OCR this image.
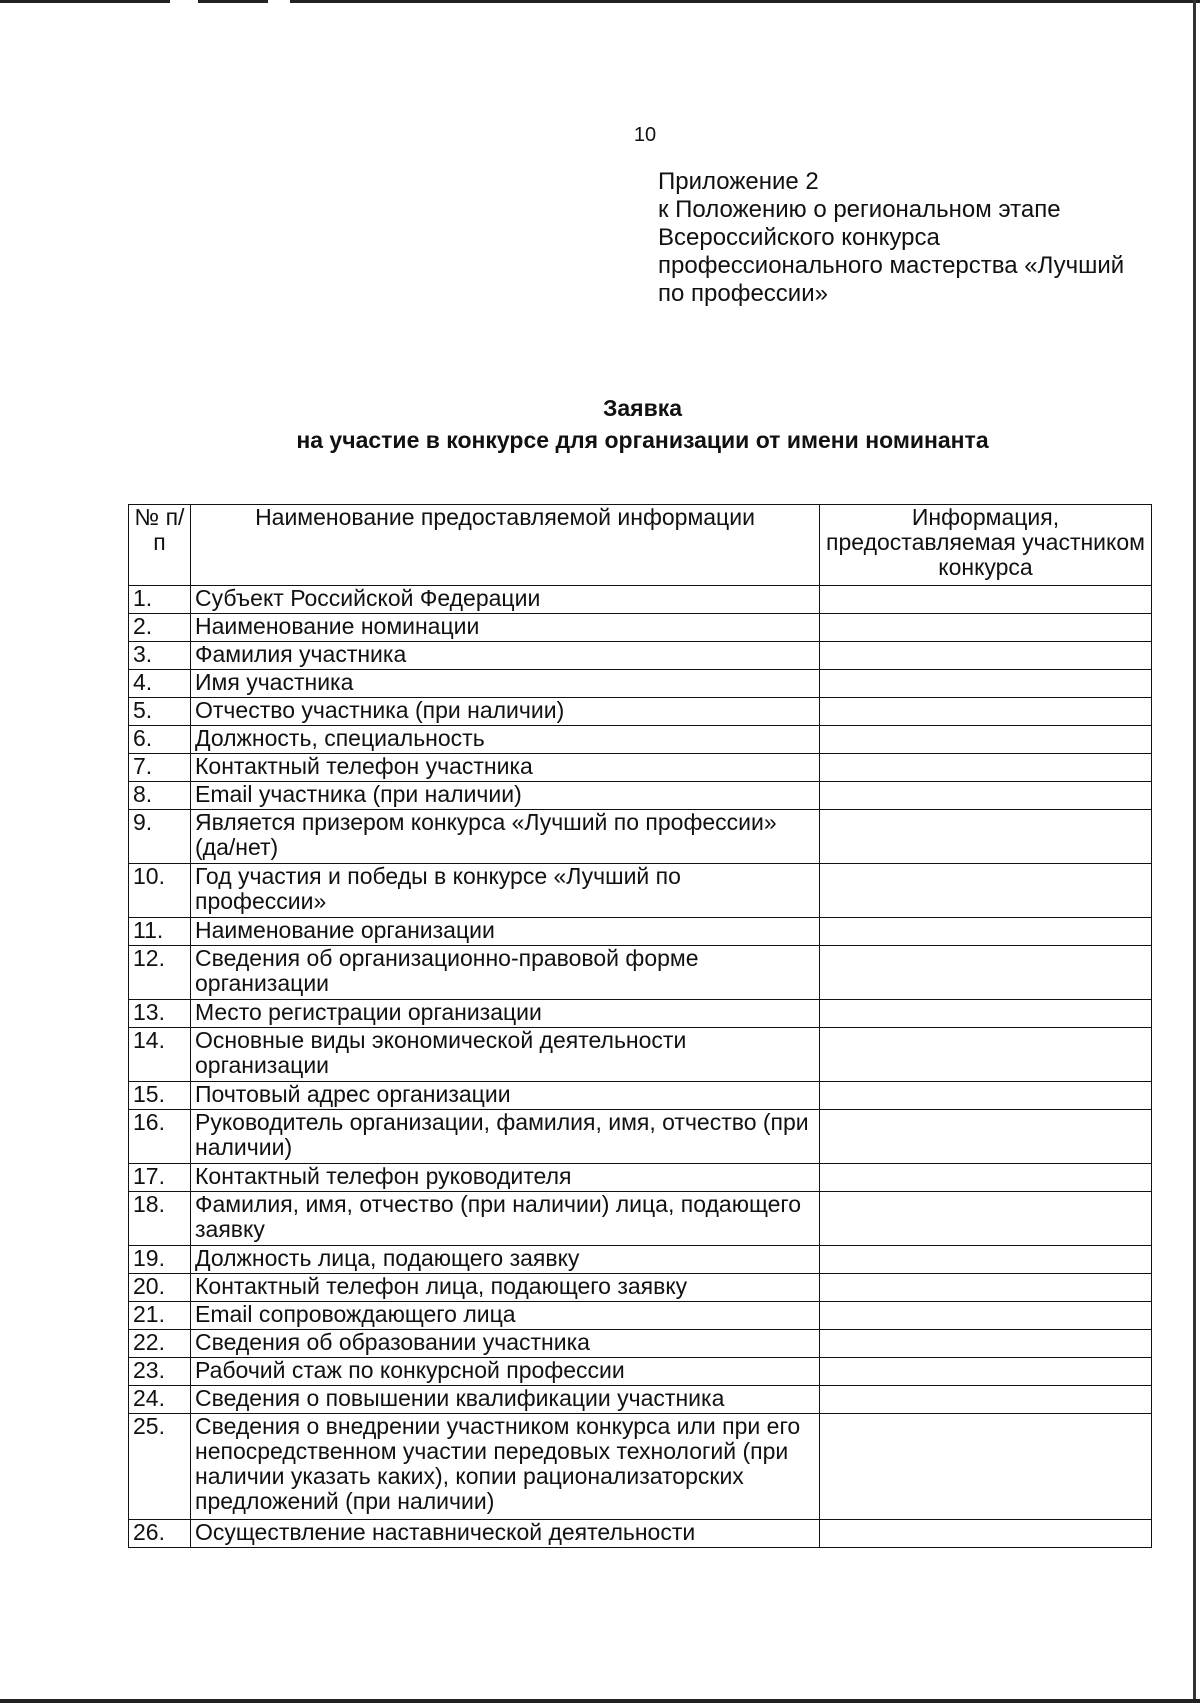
10
Приложение 2
к Положению о региональном этапе
Всероссийского конкурса
профессионального мастерства «Лучший
по профессии»
Заявка
на участие в конкурсе для организации от имени номинанта
№ п/п	Наименование предоставляемой информации	Информация, предоставляемая участником конкурса
1.	Субъект Российской Федерации	
2.	Наименование номинации	
3.	Фамилия участника	
4.	Имя участника	
5.	Отчество участника (при наличии)	
6.	Должность, специальность	
7.	Контактный телефон участника	
8.	Email участника (при наличии)	
9.	Является призером конкурса «Лучший по профессии» (да/нет)	
10.	Год участия и победы в конкурсе «Лучший по профессии»	
11.	Наименование организации	
12.	Сведения об организационно-правовой форме организации	
13.	Место регистрации организации	
14.	Основные виды экономической деятельности организации	
15.	Почтовый адрес организации	
16.	Руководитель организации, фамилия, имя, отчество (при наличии)	
17.	Контактный телефон руководителя	
18.	Фамилия, имя, отчество (при наличии) лица, подающего заявку	
19.	Должность лица, подающего заявку	
20.	Контактный телефон лица, подающего заявку	
21.	Email сопровождающего лица	
22.	Сведения об образовании участника	
23.	Рабочий стаж по конкурсной профессии	
24.	Сведения о повышении квалификации участника	
25.	Сведения о внедрении участником конкурса или при его непосредственном участии передовых технологий (при наличии указать каких), копии рационализаторских предложений (при наличии)	
26.	Осуществление наставнической деятельности	
